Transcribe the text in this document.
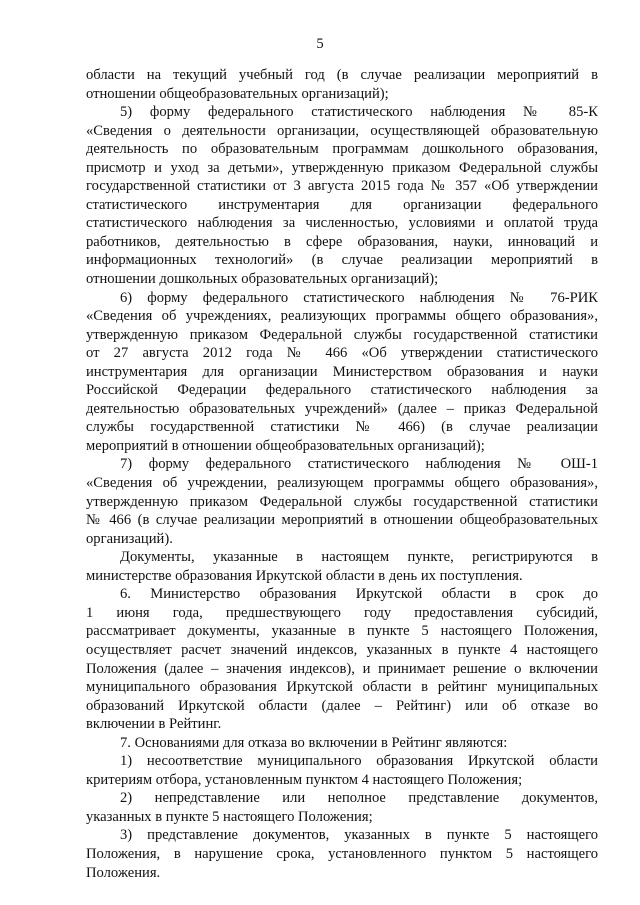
5
области на текущий учебный год (в случае реализации мероприятий в
отношении общеобразовательных организаций);
5) форму федерального статистического наблюдения № 85-К
«Сведения о деятельности организации, осуществляющей образовательную
деятельность по образовательным программам дошкольного образования,
присмотр и уход за детьми», утвержденную приказом Федеральной службы
государственной статистики от 3 августа 2015 года № 357 «Об утверждении
статистического инструментария для организации федерального
статистического наблюдения за численностью, условиями и оплатой труда
работников, деятельностью в сфере образования, науки, инноваций и
информационных технологий» (в случае реализации мероприятий в
отношении дошкольных образовательных организаций);
6) форму федерального статистического наблюдения № 76-РИК
«Сведения об учреждениях, реализующих программы общего образования»,
утвержденную приказом Федеральной службы государственной статистики
от 27 августа 2012 года № 466 «Об утверждении статистического
инструментария для организации Министерством образования и науки
Российской Федерации федерального статистического наблюдения за
деятельностью образовательных учреждений» (далее – приказ Федеральной
службы государственной статистики № 466) (в случае реализации
мероприятий в отношении общеобразовательных организаций);
7) форму федерального статистического наблюдения № ОШ-1
«Сведения об учреждении, реализующем программы общего образования»,
утвержденную приказом Федеральной службы государственной статистики
№ 466 (в случае реализации мероприятий в отношении общеобразовательных
организаций).
Документы, указанные в настоящем пункте, регистрируются в
министерстве образования Иркутской области в день их поступления.
6. Министерство образования Иркутской области в срок до
1 июня года, предшествующего году предоставления субсидий,
рассматривает документы, указанные в пункте 5 настоящего Положения,
осуществляет расчет значений индексов, указанных в пункте 4 настоящего
Положения (далее – значения индексов), и принимает решение о включении
муниципального образования Иркутской области в рейтинг муниципальных
образований Иркутской области (далее – Рейтинг) или об отказе во
включении в Рейтинг.
7. Основаниями для отказа во включении в Рейтинг являются:
1) несоответствие муниципального образования Иркутской области
критериям отбора, установленным пунктом 4 настоящего Положения;
2) непредставление или неполное представление документов,
указанных в пункте 5 настоящего Положения;
3) представление документов, указанных в пункте 5 настоящего
Положения, в нарушение срока, установленного пунктом 5 настоящего
Положения.
